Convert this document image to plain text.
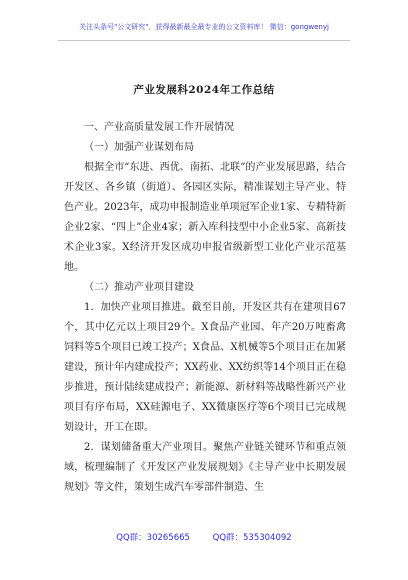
关注头条号"公文研究"，获得最新最全最专业的公文资料库！ 微信：gongwenyj
产业发展科2024年工作总结

一、产业高质量发展工作开展情况

（一）加强产业谋划布局

根据全市“东进、西优、南拓、北联”的产业发展思路，结合开发区、各乡镇（街道）、各园区实际，精准谋划主导产业、特色产业。2023年，成功申报制造业单项冠军企业1家、专精特新企业2家、“四上”企业4家；新入库科技型中小企业5家、高新技术企业3家。X经济开发区成功申报省级新型工业化产业示范基地。

（二）推动产业项目建设

1．加快产业项目推进。截至目前，开发区共有在建项目67个，其中亿元以上项目29个。X食品产业园、年产20万吨畜禽饲料等5个项目已竣工投产；X食品、X机械等5个项目正在加紧建设，预计年内建成投产；XX药业、XX纺织等14个项目正在稳步推进，预计陆续建成投产；新能源、新材料等战略性新兴产业项目有序布局，XX硅源电子、XX微康医疗等6个项目已完成规划设计，开工在即。

2．谋划储备重大产业项目。聚焦产业链关键环节和重点领域，梳理编制了《开发区产业发展规划》《主导产业中长期发展规划》等文件，策划生成汽车零部件制造、生

QQ群：30265665	QQ群：535304092
